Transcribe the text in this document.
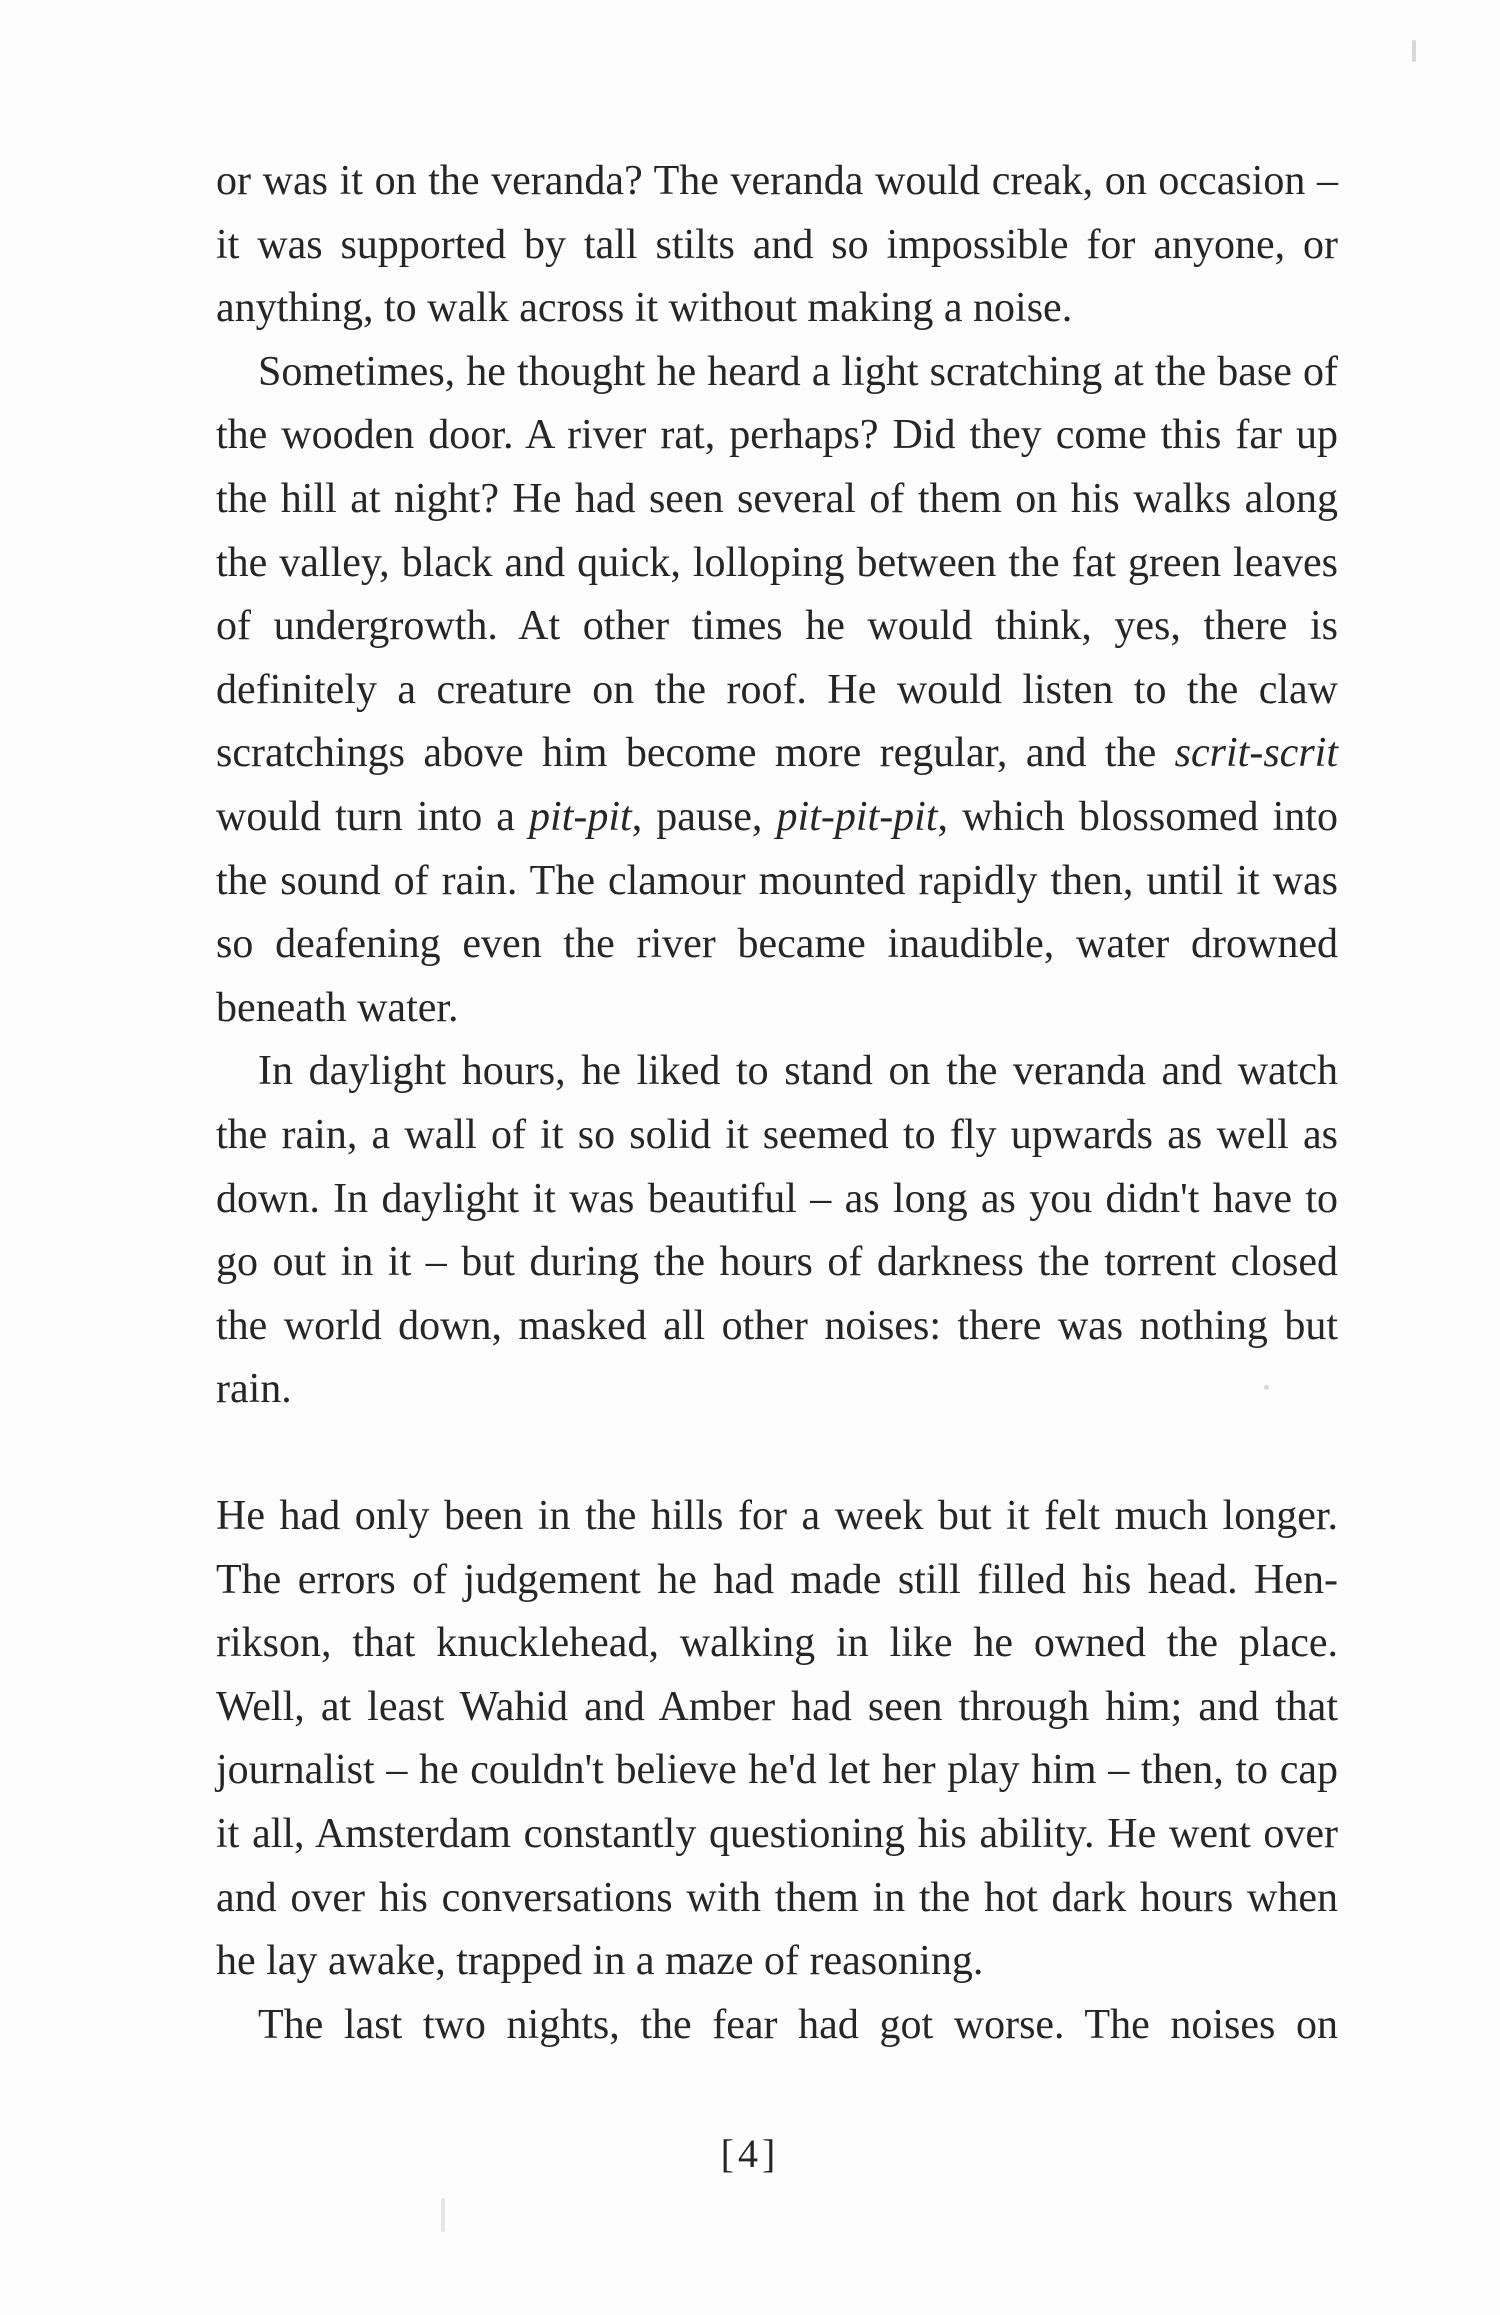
or was it on the veranda? The veranda would creak, on occasion – it was supported by tall stilts and so impossible for anyone, or anything, to walk across it without making a noise.

Sometimes, he thought he heard a light scratching at the base of the wooden door. A river rat, perhaps? Did they come this far up the hill at night? He had seen several of them on his walks along the valley, black and quick, lolloping between the fat green leaves of undergrowth. At other times he would think, yes, there is definitely a creature on the roof. He would listen to the claw scratchings above him become more regular, and the scrit-scrit would turn into a pit-pit, pause, pit-pit-pit, which blossomed into the sound of rain. The clamour mounted rapidly then, until it was so deafening even the river became inaudible, water drowned beneath water.

In daylight hours, he liked to stand on the veranda and watch the rain, a wall of it so solid it seemed to fly upwards as well as down. In daylight it was beautiful – as long as you didn't have to go out in it – but during the hours of darkness the torrent closed the world down, masked all other noises: there was nothing but rain.

He had only been in the hills for a week but it felt much longer. The errors of judgement he had made still filled his head. Henrikson, that knucklehead, walking in like he owned the place. Well, at least Wahid and Amber had seen through him; and that journalist – he couldn't believe he'd let her play him – then, to cap it all, Amsterdam constantly questioning his ability. He went over and over his conversations with them in the hot dark hours when he lay awake, trapped in a maze of reasoning.

The last two nights, the fear had got worse. The noises on

[4]
